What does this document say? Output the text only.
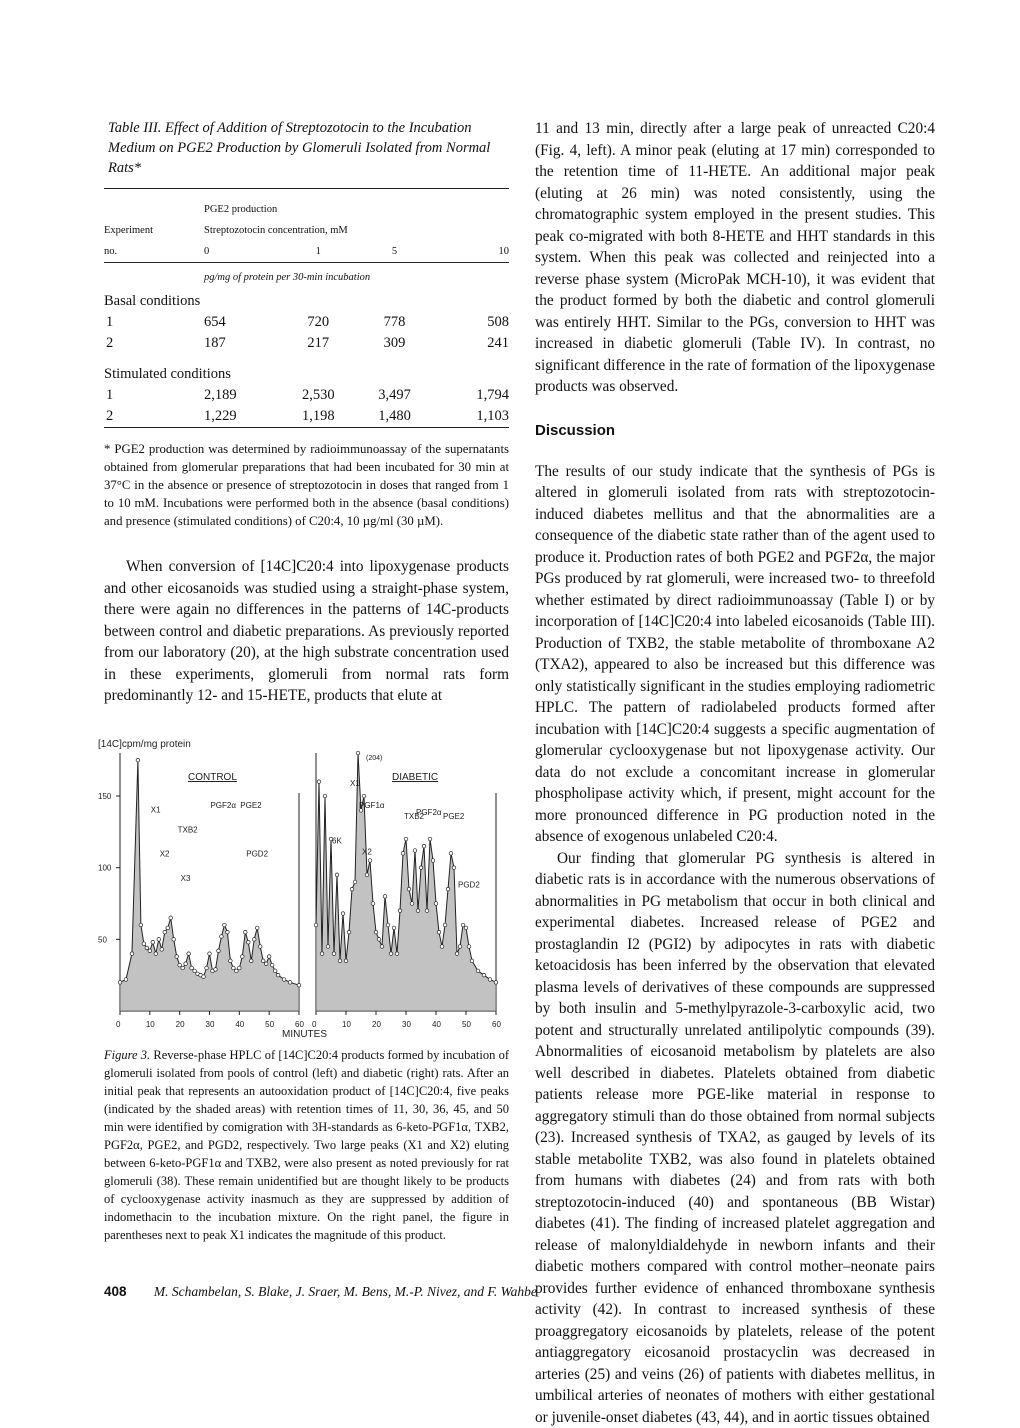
Table III. Effect of Addition of Streptozotocin to the Incubation Medium on PGE2 Production by Glomeruli Isolated from Normal Rats*

	PGE2 production			
Experiment	Streptozotocin concentration, mM			
no.	0	1	5	10
	pg/mg of protein per 30-min incubation			
Basal conditions				
1	654	720	778	508
2	187	217	309	241

Stimulated conditions				
1	2,189	2,530	3,497	1,794
2	1,229	1,198	1,480	1,103

* PGE2 production was determined by radioimmunoassay of the supernatants obtained from glomerular preparations that had been incubated for 30 min at 37°C in the absence or presence of streptozotocin in doses that ranged from 1 to 10 mM. Incubations were performed both in the absence (basal conditions) and presence (stimulated conditions) of C20:4, 10 µg/ml (30 µM).

When conversion of [14C]C20:4 into lipoxygenase products and other eicosanoids was studied using a straight-phase system, there were again no differences in the patterns of 14C-products between control and diabetic preparations. As previously reported from our laboratory (20), at the high substrate concentration used in these experiments, glomeruli from normal rats form predominantly 12- and 15-HETE, products that elute at

[14C]cpm/mg protein
CONTROL	DIABETIC
(204)
MINUTES
0	10	20	30	40	50	60
50
100
150
0	10	20	30	40	50	60
6K
PGF1α
X1
X2
X3
TXB2
PGF2α PGE2
PGD2
X1
X2
TXB2
PGF2α PGE2
PGD2

Figure 3. Reverse-phase HPLC of [14C]C20:4 products formed by incubation of glomeruli isolated from pools of control (left) and diabetic (right) rats. After an initial peak that represents an autooxidation product of [14C]C20:4, five peaks (indicated by the shaded areas) with retention times of 11, 30, 36, 45, and 50 min were identified by comigration with 3H-standards as 6-keto-PGF1α, TXB2, PGF2α, PGE2, and PGD2, respectively. Two large peaks (X1 and X2) eluting between 6-keto-PGF1α and TXB2, were also present as noted previously for rat glomeruli (38). These remain unidentified but are thought likely to be products of cyclooxygenase activity inasmuch as they are suppressed by addition of indomethacin to the incubation mixture. On the right panel, the figure in parentheses next to peak X1 indicates the magnitude of this product.

11 and 13 min, directly after a large peak of unreacted C20:4 (Fig. 4, left). A minor peak (eluting at 17 min) corresponded to the retention time of 11-HETE. An additional major peak (eluting at 26 min) was noted consistently, using the chromatographic system employed in the present studies. This peak co-migrated with both 8-HETE and HHT standards in this system. When this peak was collected and reinjected into a reverse phase system (MicroPak MCH-10), it was evident that the product formed by both the diabetic and control glomeruli was entirely HHT. Similar to the PGs, conversion to HHT was increased in diabetic glomeruli (Table IV). In contrast, no significant difference in the rate of formation of the lipoxygenase products was observed.

Discussion

The results of our study indicate that the synthesis of PGs is altered in glomeruli isolated from rats with streptozotocin-induced diabetes mellitus and that the abnormalities are a consequence of the diabetic state rather than of the agent used to produce it. Production rates of both PGE2 and PGF2α, the major PGs produced by rat glomeruli, were increased two- to threefold whether estimated by direct radioimmunoassay (Table I) or by incorporation of [14C]C20:4 into labeled eicosanoids (Table III). Production of TXB2, the stable metabolite of thromboxane A2 (TXA2), appeared to also be increased but this difference was only statistically significant in the studies employing radiometric HPLC. The pattern of radiolabeled products formed after incubation with [14C]C20:4 suggests a specific augmentation of glomerular cyclooxygenase but not lipoxygenase activity. Our data do not exclude a concomitant increase in glomerular phospholipase activity which, if present, might account for the more pronounced difference in PG production noted in the absence of exogenous unlabeled C20:4.

Our finding that glomerular PG synthesis is altered in diabetic rats is in accordance with the numerous observations of abnormalities in PG metabolism that occur in both clinical and experimental diabetes. Increased release of PGE2 and prostaglandin I2 (PGI2) by adipocytes in rats with diabetic ketoacidosis has been inferred by the observation that elevated plasma levels of derivatives of these compounds are suppressed by both insulin and 5-methylpyrazole-3-carboxylic acid, two potent and structurally unrelated antilipolytic compounds (39). Abnormalities of eicosanoid metabolism by platelets are also well described in diabetes. Platelets obtained from diabetic patients release more PGE-like material in response to aggregatory stimuli than do those obtained from normal subjects (23). Increased synthesis of TXA2, as gauged by levels of its stable metabolite TXB2, was also found in platelets obtained from humans with diabetes (24) and from rats with both streptozotocin-induced (40) and spontaneous (BB Wistar) diabetes (41). The finding of increased platelet aggregation and release of malonyldialdehyde in newborn infants and their diabetic mothers compared with control mother–neonate pairs provides further evidence of enhanced thromboxane synthesis activity (42). In contrast to increased synthesis of these proaggregatory eicosanoids by platelets, release of the potent antiaggregatory eicosanoid prostacyclin was decreased in arteries (25) and veins (26) of patients with diabetes mellitus, in umbilical arteries of neonates of mothers with either gestational or juvenile-onset diabetes (43, 44), and in aortic tissues obtained

408 M. Schambelan, S. Blake, J. Sraer, M. Bens, M.-P. Nivez, and F. Wahbe
